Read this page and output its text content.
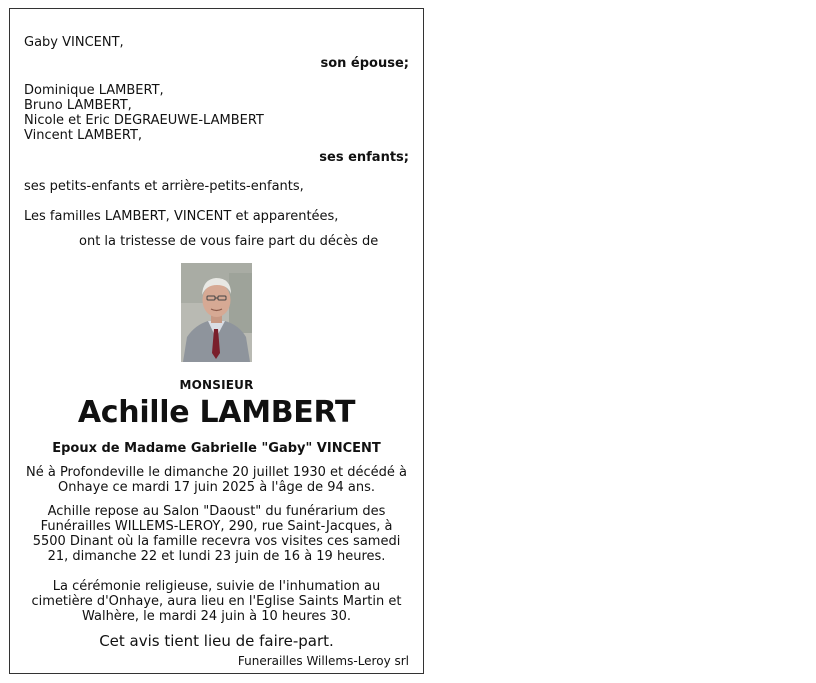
Gaby VINCENT,
son épouse;
Dominique LAMBERT,
Bruno LAMBERT,
Nicole et Eric DEGRAEUWE-LAMBERT
Vincent LAMBERT,
ses enfants;
ses petits-enfants et arrière-petits-enfants,
Les familles LAMBERT, VINCENT et apparentées,
ont la tristesse de vous faire part du décès de
MONSIEUR
Achille LAMBERT
Epoux de Madame Gabrielle "Gaby" VINCENT
Né à Profondeville le dimanche 20 juillet 1930 et décédé à Onhaye ce mardi 17 juin 2025 à l'âge de 94 ans.
Achille repose au Salon "Daoust" du funérarium des Funérailles WILLEMS-LEROY, 290, rue Saint-Jacques, à 5500 Dinant où la famille recevra vos visites ces samedi 21, dimanche 22 et lundi 23 juin de 16 à 19 heures.
La cérémonie religieuse, suivie de l'inhumation au cimetière d'Onhaye, aura lieu en l'Eglise Saints Martin et Walhère, le mardi 24 juin à 10 heures 30.
Cet avis tient lieu de faire-part.
Funerailles Willems-Leroy srl
